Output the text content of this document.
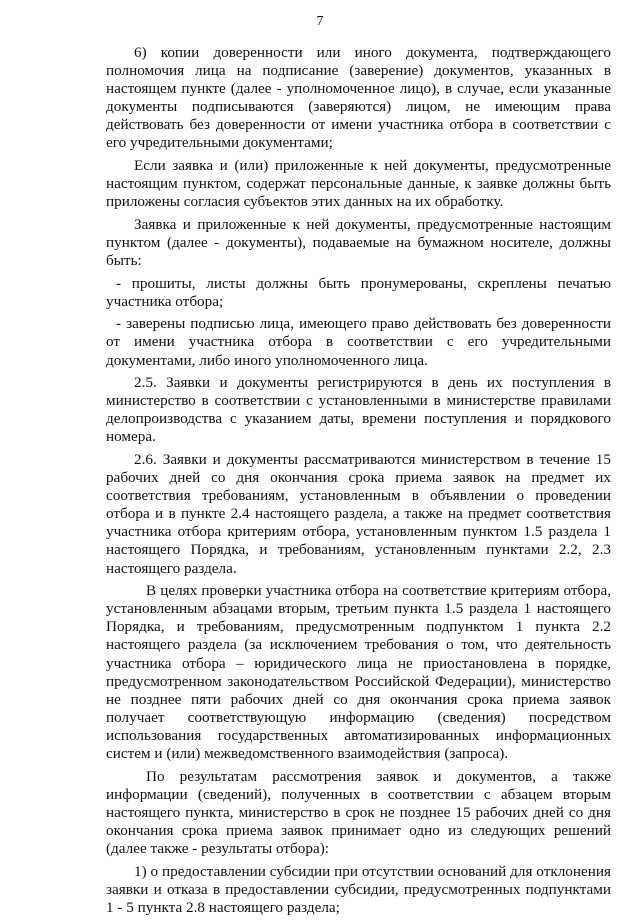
7

6) копии доверенности или иного документа, подтверждающего полномочия лица на подписание (заверение) документов, указанных в настоящем пункте (далее - уполномоченное лицо), в случае, если указанные документы подписываются (заверяются) лицом, не имеющим права действовать без доверенности от имени участника отбора в соответствии с его учредительными документами;

Если заявка и (или) приложенные к ней документы, предусмотренные настоящим пунктом, содержат персональные данные, к заявке должны быть приложены согласия субъектов этих данных на их обработку.

Заявка и приложенные к ней документы, предусмотренные настоящим пунктом (далее - документы), подаваемые на бумажном носителе, должны быть:

- прошиты, листы должны быть пронумерованы, скреплены печатью участника отбора;

- заверены подписью лица, имеющего право действовать без доверенности от имени участника отбора в соответствии с его учредительными документами, либо иного уполномоченного лица.

2.5. Заявки и документы регистрируются в день их поступления в министерство в соответствии с установленными в министерстве правилами делопроизводства с указанием даты, времени поступления и порядкового номера.

2.6. Заявки и документы рассматриваются министерством в течение 15 рабочих дней со дня окончания срока приема заявок на предмет их соответствия требованиям, установленным в объявлении о проведении отбора и в пункте 2.4 настоящего раздела, а также на предмет соответствия участника отбора критериям отбора, установленным пунктом 1.5 раздела 1 настоящего Порядка, и требованиям, установленным пунктами 2.2, 2.3 настоящего раздела.

В целях проверки участника отбора на соответствие критериям отбора, установленным абзацами вторым, третьим пункта 1.5 раздела 1 настоящего Порядка, и требованиям, предусмотренным подпунктом 1 пункта 2.2 настоящего раздела (за исключением требования о том, что деятельность участника отбора – юридического лица не приостановлена в порядке, предусмотренном законодательством Российской Федерации), министерство не позднее пяти рабочих дней со дня окончания срока приема заявок получает соответствующую информацию (сведения) посредством использования государственных автоматизированных информационных систем и (или) межведомственного взаимодействия (запроса).

По результатам рассмотрения заявок и документов, а также информации (сведений), полученных в соответствии с абзацем вторым настоящего пункта, министерство в срок не позднее 15 рабочих дней со дня окончания срока приема заявок принимает одно из следующих решений (далее также - результаты отбора):

1) о предоставлении субсидии при отсутствии оснований для отклонения заявки и отказа в предоставлении субсидии, предусмотренных подпунктами 1 - 5 пункта 2.8 настоящего раздела;
